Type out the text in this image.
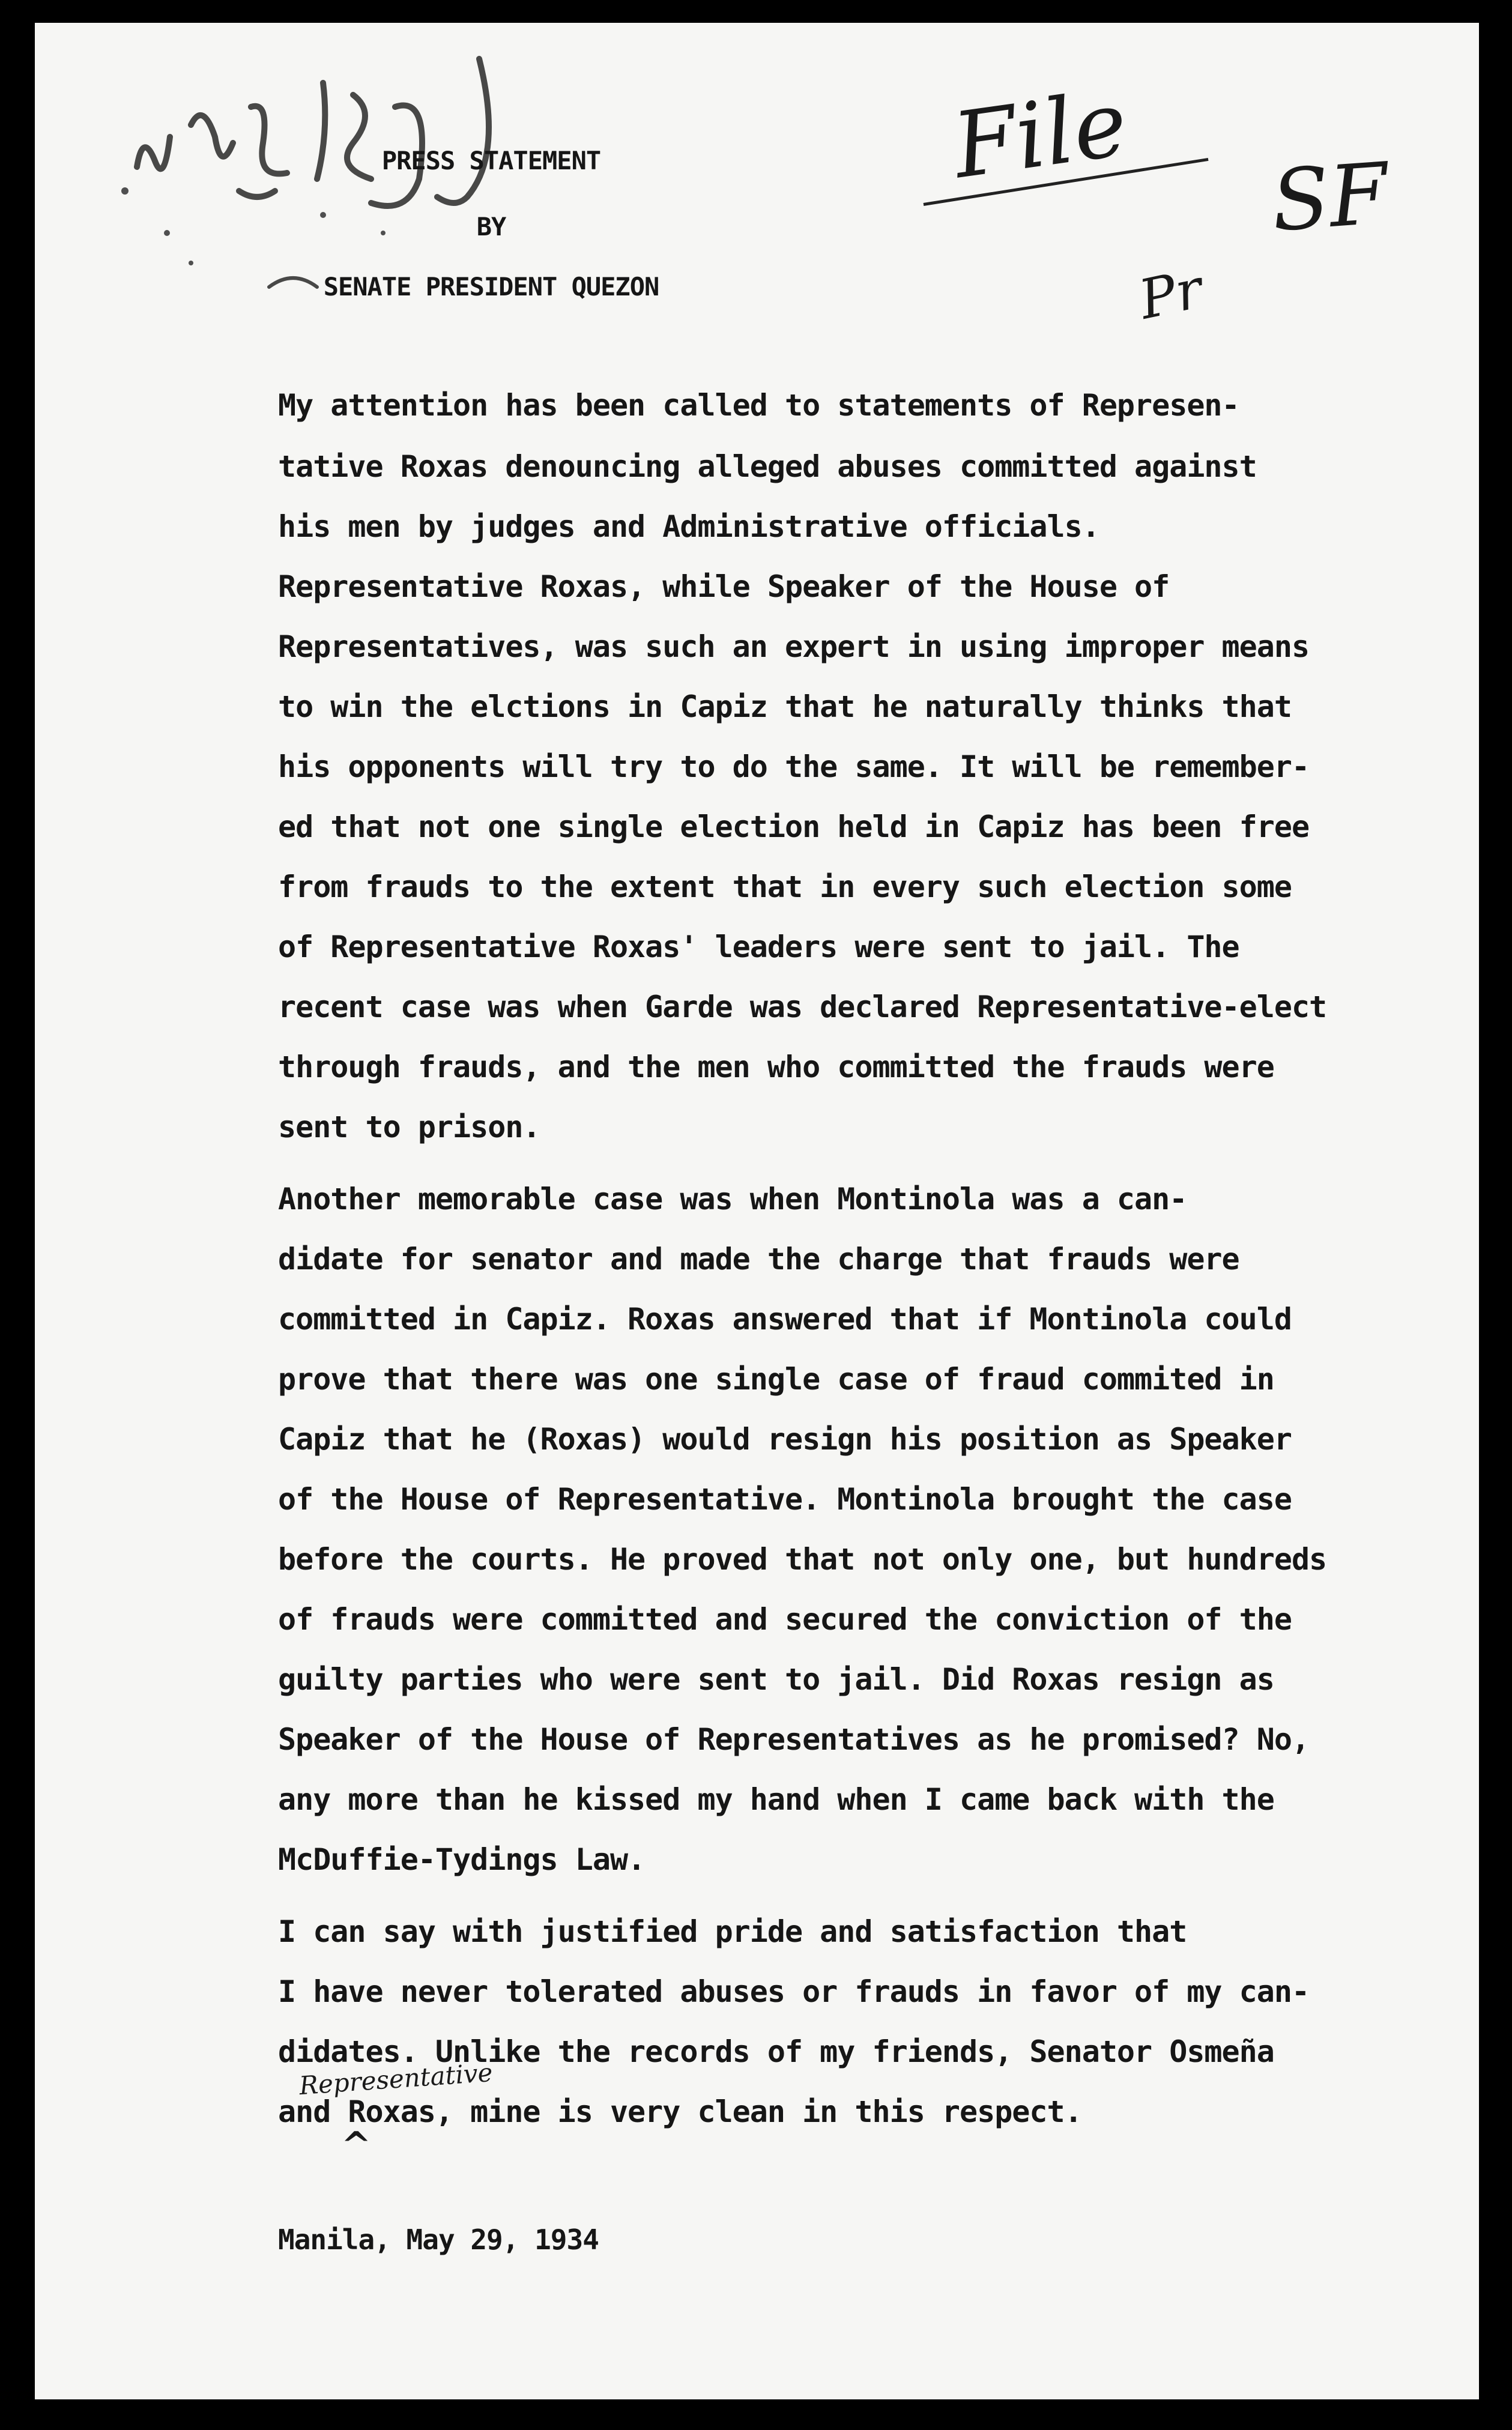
PRESS STATEMENT

BY

SENATE PRESIDENT QUEZON

File SF
Pr

My attention has been called to statements of Represen-

tative Roxas denouncing alleged abuses committed against

his men by judges and Administrative officials.

Representative Roxas, while Speaker of the House of

Representatives, was such an expert in using improper means

to win the elctions in Capiz that he naturally thinks that

his opponents will try to do the same. It will be remember-

ed that not one single election held in Capiz has been free

from frauds to the extent that in every such election some

of Representative Roxas' leaders were sent to jail. The

recent case was when Garde was declared Representative-elect

through frauds, and the men who committed the frauds were

sent to prison.

Another memorable case was when Montinola was a can-

didate for senator and made the charge that frauds were

committed in Capiz. Roxas answered that if Montinola could

prove that there was one single case of fraud commited in

Capiz that he (Roxas) would resign his position as Speaker

of the House of Representative. Montinola brought the case

before the courts. He proved that not only one, but hundreds

of frauds were committed and secured the conviction of the

guilty parties who were sent to jail. Did Roxas resign as

Speaker of the House of Representatives as he promised? No,

any more than he kissed my hand when I came back with the

McDuffie-Tydings Law.

I can say with justified pride and satisfaction that

I have never tolerated abuses or frauds in favor of my can-

didates. Unlike the records of my friends, Senator Osmeña

and Roxas, mine is very clean in this respect.

Representative
^

Manila, May 29, 1934
